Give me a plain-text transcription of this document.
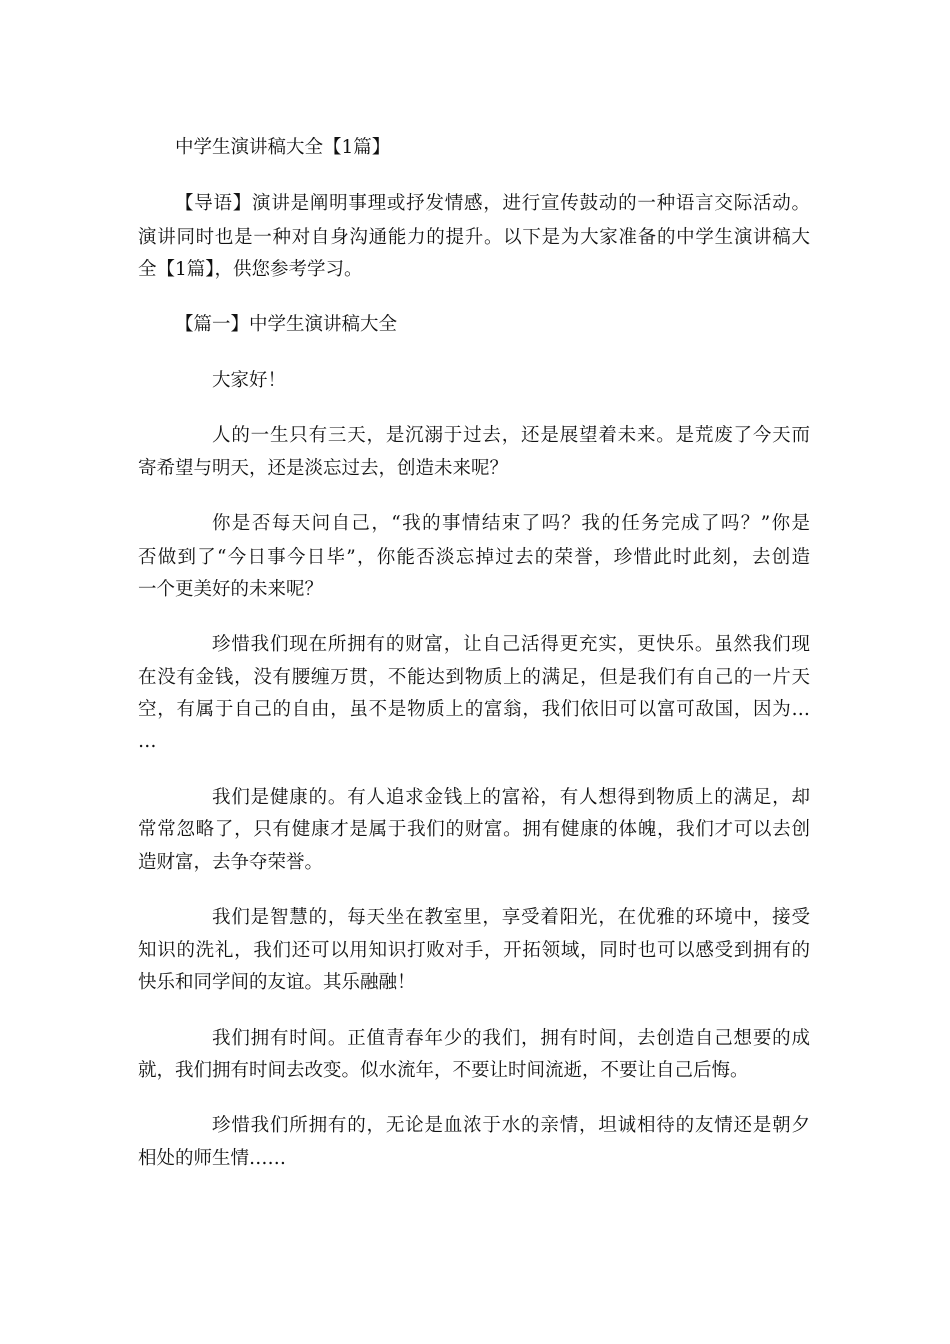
中学生演讲稿大全【1篇】
【导语】演讲是阐明事理或抒发情感，进行宣传鼓动的一种语言交际活动。
演讲同时也是一种对自身沟通能力的提升。以下是为大家准备的中学生演讲稿大
全【1篇】，供您参考学习。
【篇一】中学生演讲稿大全
大家好！
人的一生只有三天，是沉溺于过去，还是展望着未来。是荒废了今天而
寄希望与明天，还是淡忘过去，创造未来呢？
你是否每天问自己，“我的事情结束了吗？我的任务完成了吗？”你是
否做到了“今日事今日毕”，你能否淡忘掉过去的荣誉，珍惜此时此刻，去创造
一个更美好的未来呢？
珍惜我们现在所拥有的财富，让自己活得更充实，更快乐。虽然我们现
在没有金钱，没有腰缠万贯，不能达到物质上的满足，但是我们有自己的一片天
空，有属于自己的自由，虽不是物质上的富翁，我们依旧可以富可敌国，因为…
…
我们是健康的。有人追求金钱上的富裕，有人想得到物质上的满足，却
常常忽略了，只有健康才是属于我们的财富。拥有健康的体魄，我们才可以去创
造财富，去争夺荣誉。
我们是智慧的，每天坐在教室里，享受着阳光，在优雅的环境中，接受
知识的洗礼，我们还可以用知识打败对手，开拓领域，同时也可以感受到拥有的
快乐和同学间的友谊。其乐融融！
我们拥有时间。正值青春年少的我们，拥有时间，去创造自己想要的成
就，我们拥有时间去改变。似水流年，不要让时间流逝，不要让自己后悔。
珍惜我们所拥有的，无论是血浓于水的亲情，坦诚相待的友情还是朝夕
相处的师生情……
